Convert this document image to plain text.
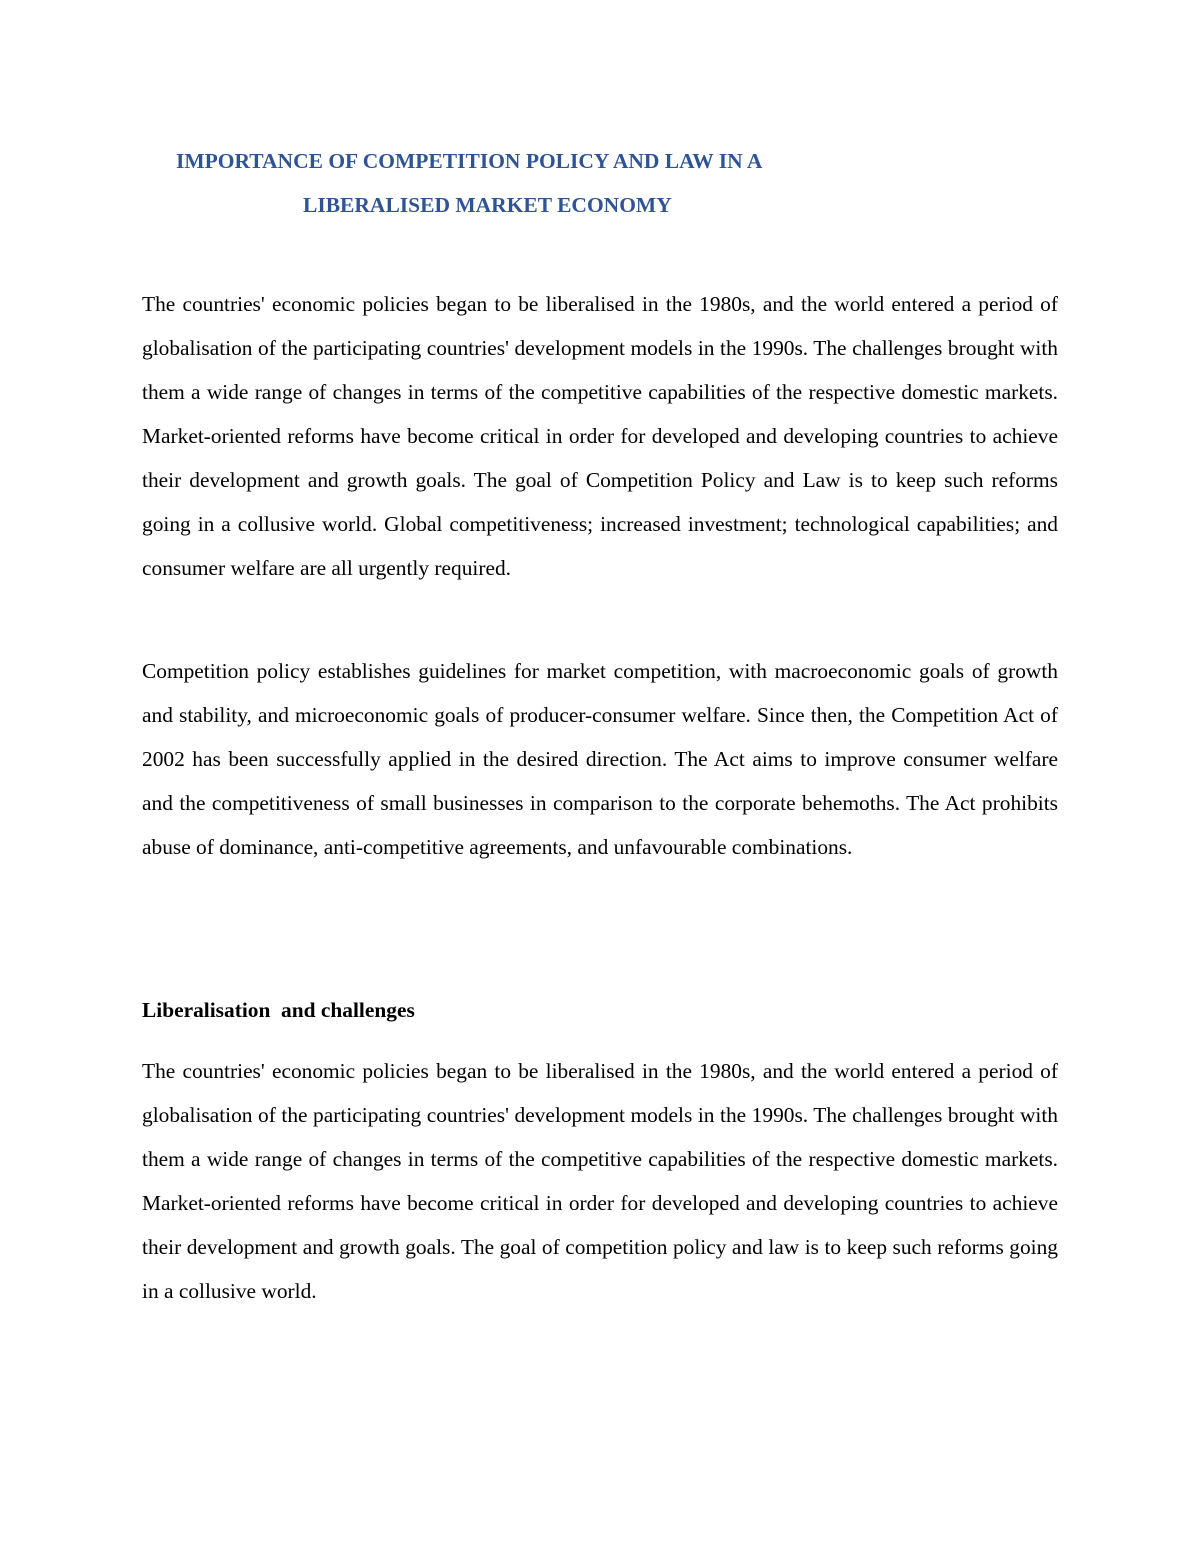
IMPORTANCE OF COMPETITION POLICY AND LAW IN A
LIBERALISED MARKET ECONOMY

The countries' economic policies began to be liberalised in the 1980s, and the world entered a period of globalisation of the participating countries' development models in the 1990s. The challenges brought with them a wide range of changes in terms of the competitive capabilities of the respective domestic markets. Market-oriented reforms have become critical in order for developed and developing countries to achieve their development and growth goals. The goal of Competition Policy and Law is to keep such reforms going in a collusive world. Global competitiveness; increased investment; technological capabilities; and consumer welfare are all urgently required.

Competition policy establishes guidelines for market competition, with macroeconomic goals of growth and stability, and microeconomic goals of producer-consumer welfare. Since then, the Competition Act of 2002 has been successfully applied in the desired direction. The Act aims to improve consumer welfare and the competitiveness of small businesses in comparison to the corporate behemoths. The Act prohibits abuse of dominance, anti-competitive agreements, and unfavourable combinations.

Liberalisation  and challenges

The countries' economic policies began to be liberalised in the 1980s, and the world entered a period of globalisation of the participating countries' development models in the 1990s. The challenges brought with them a wide range of changes in terms of the competitive capabilities of the respective domestic markets. Market-oriented reforms have become critical in order for developed and developing countries to achieve their development and growth goals. The goal of competition policy and law is to keep such reforms going in a collusive world.
